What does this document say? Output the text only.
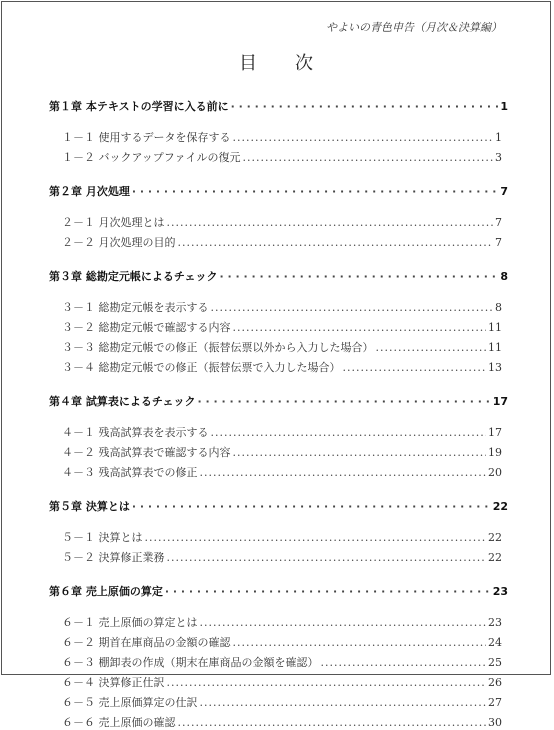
やよいの青色申告（月次＆決算編）
目次
第１章 本テキストの学習に入る前に · · ·	1
１－１ 使用するデータを保存する .....	1
１－２ バックアップファイルの復元 .....	3
第２章 月次処理 · · ·	7
２－１ 月次処理とは .....	7
２－２ 月次処理の目的 .....	7
第３章 総勘定元帳によるチェック · · ·	8
３－１ 総勘定元帳を表示する .....	8
３－２ 総勘定元帳で確認する内容 .....	11
３－３ 総勘定元帳での修正（振替伝票以外から入力した場合） .....	11
３－４ 総勘定元帳での修正（振替伝票で入力した場合） .....	13
第４章 試算表によるチェック · · ·	17
４－１ 残高試算表を表示する .....	17
４－２ 残高試算表で確認する内容 .....	19
４－３ 残高試算表での修正 .....	20
第５章 決算とは · · ·	22
５－１ 決算とは .....	22
５－２ 決算修正業務 .....	22
第６章 売上原価の算定 · · ·	23
６－１ 売上原価の算定とは .....	23
６－２ 期首在庫商品の金額の確認 .....	24
６－３ 棚卸表の作成（期末在庫商品の金額を確認） .....	25
６－４ 決算修正仕訳 .....	26
６－５ 売上原価算定の仕訳 .....	27
６－６ 売上原価の確認 .....	30
